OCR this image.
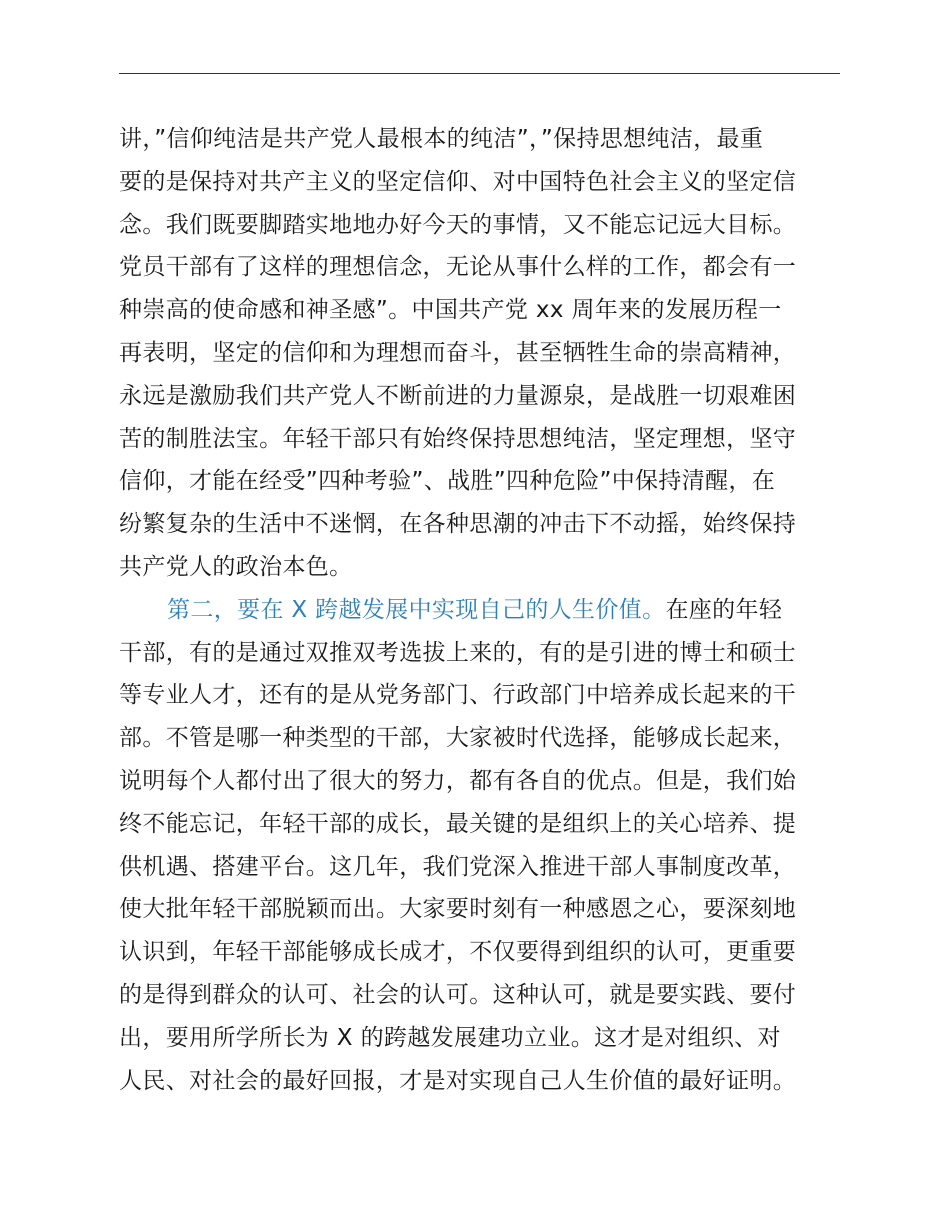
讲，”信仰纯洁是共产党人最根本的纯洁”，”保持思想纯洁，最重
要的是保持对共产主义的坚定信仰、对中国特色社会主义的坚定信
念。我们既要脚踏实地地办好今天的事情，又不能忘记远大目标。
党员干部有了这样的理想信念，无论从事什么样的工作，都会有一
种崇高的使命感和神圣感”。中国共产党 xx 周年来的发展历程一
再表明，坚定的信仰和为理想而奋斗，甚至牺牲生命的崇高精神，
永远是激励我们共产党人不断前进的力量源泉，是战胜一切艰难困
苦的制胜法宝。年轻干部只有始终保持思想纯洁，坚定理想，坚守
信仰，才能在经受”四种考验”、战胜”四种危险”中保持清醒，在
纷繁复杂的生活中不迷惘，在各种思潮的冲击下不动摇，始终保持
共产党人的政治本色。
第二，要在 X 跨越发展中实现自己的人生价值。在座的年轻
干部，有的是通过双推双考选拔上来的，有的是引进的博士和硕士
等专业人才，还有的是从党务部门、行政部门中培养成长起来的干
部。不管是哪一种类型的干部，大家被时代选择，能够成长起来，
说明每个人都付出了很大的努力，都有各自的优点。但是，我们始
终不能忘记，年轻干部的成长，最关键的是组织上的关心培养、提
供机遇、搭建平台。这几年，我们党深入推进干部人事制度改革，
使大批年轻干部脱颖而出。大家要时刻有一种感恩之心，要深刻地
认识到，年轻干部能够成长成才，不仅要得到组织的认可，更重要
的是得到群众的认可、社会的认可。这种认可，就是要实践、要付
出，要用所学所长为 X 的跨越发展建功立业。这才是对组织、对
人民、对社会的最好回报，才是对实现自己人生价值的最好证明。
